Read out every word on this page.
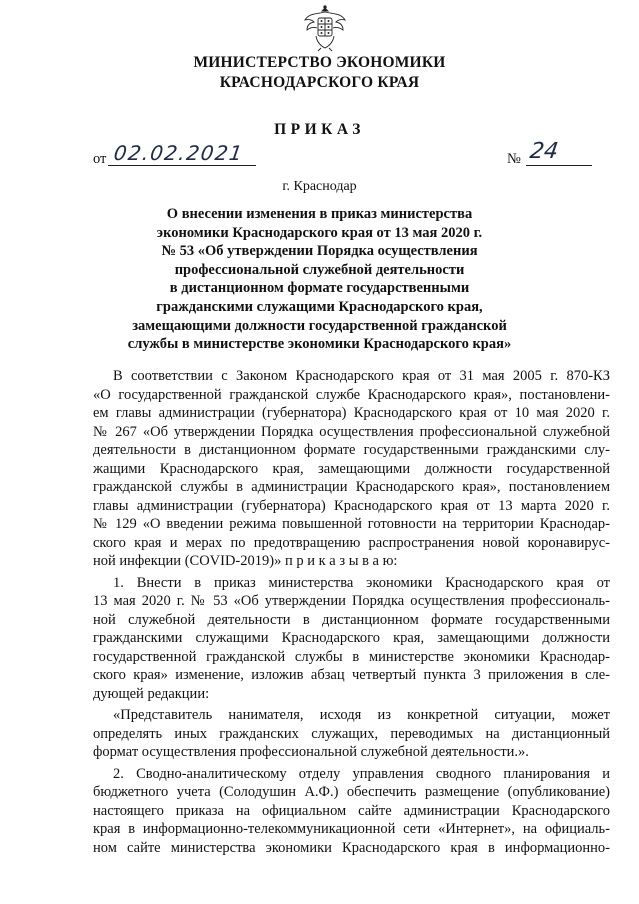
МИНИСТЕРСТВО ЭКОНОМИКИ
КРАСНОДАРСКОГО КРАЯ
ПРИКАЗ
от 02.02.2021	№ 24
г. Краснодар
О внесении изменения в приказ министерства
экономики Краснодарского края от 13 мая 2020 г.
№ 53 «Об утверждении Порядка осуществления
профессиональной служебной деятельности
в дистанционном формате государственными
гражданскими служащими Краснодарского края,
замещающими должности государственной гражданской
службы в министерстве экономики Краснодарского края»
В соответствии с Законом Краснодарского края от 31 мая 2005 г. 870-КЗ
«О государственной гражданской службе Краснодарского края», постановлени-
ем главы администрации (губернатора) Краснодарского края от 10 мая 2020 г.
№ 267 «Об утверждении Порядка осуществления профессиональной служебной
деятельности в дистанционном формате государственными гражданскими слу-
жащими Краснодарского края, замещающими должности государственной
гражданской службы в администрации Краснодарского края», постановлением
главы администрации (губернатора) Краснодарского края от 13 марта 2020 г.
№ 129 «О введении режима повышенной готовности на территории Краснодар-
ского края и мерах по предотвращению распространения новой коронавирус-
ной инфекции (COVID-2019)» п р и к а з ы в а ю:
1. Внести в приказ министерства экономики Краснодарского края от
13 мая 2020 г. № 53 «Об утверждении Порядка осуществления профессиональ-
ной служебной деятельности в дистанционном формате государственными
гражданскими служащими Краснодарского края, замещающими должности
государственной гражданской службы в министерстве экономики Краснодар-
ского края» изменение, изложив абзац четвертый пункта 3 приложения в сле-
дующей редакции:
«Представитель нанимателя, исходя из конкретной ситуации, может
определять иных гражданских служащих, переводимых на дистанционный
формат осуществления профессиональной служебной деятельности.».
2. Сводно-аналитическому отделу управления сводного планирования и
бюджетного учета (Солодушин А.Ф.) обеспечить размещение (опубликование)
настоящего приказа на официальном сайте администрации Краснодарского
края в информационно-телекоммуникационной сети «Интернет», на официаль-
ном сайте министерства экономики Краснодарского края в информационно-
